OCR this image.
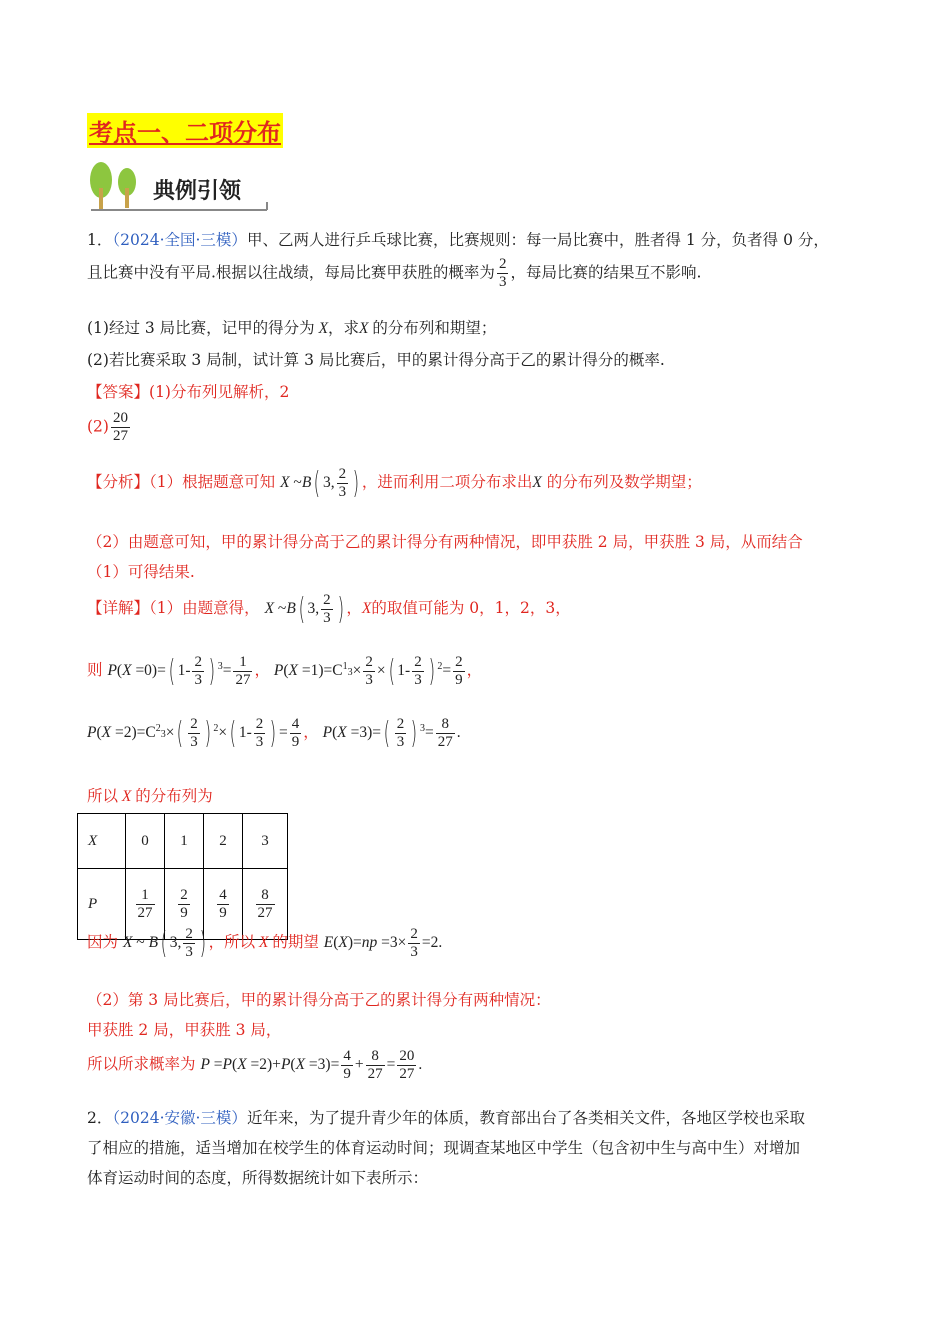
考点一、二项分布
典例引领
1．（2024·全国·三模）甲、乙两人进行乒乓球比赛，比赛规则：每一局比赛中，胜者得 1 分，负者得 0 分，
且比赛中没有平局.根据以往战绩，每局比赛甲获胜的概率为 $\frac{2}{3}$ ，每局比赛的结果互不影响.
(1)经过 3 局比赛，记甲的得分为 X，求X 的分布列和期望；
(2)若比赛采取 3 局制，试计算 3 局比赛后，甲的累计得分高于乙的累计得分的概率.
【答案】(1)分布列见解析，2
$(2) \frac{20}{27}$
【分析】（1）根据题意可知 X ~B( 3, $\frac{2}{3}$ ) ，进而利用二项分布求出X 的分布列及数学期望；
（2）由题意可知，甲的累计得分高于乙的累计得分有两种情况，即甲获胜 2 局，甲获胜 3 局，从而结合
（1）可得结果.
【详解】（1）由题意得， X ~B( 3, $\frac{2}{3}$ ) ，X的取值可能为 0，1，2，3，
则 P(X =0)=( $1- \frac{2}{3}$ ) $^3= \frac{1}{27}$ ， $P(X =1)=C^13\times \frac{2}{3}$ ×( $1- \frac{2}{3}$ ) $^2= \frac{2}{9}$ ，
$P(X =2)=C^23\times( \frac{2}{3}$ ) $^2$×( $1- \frac{2}{3}$ ) = $\frac{4}{9}$ ， $P(X =3)=( \frac{2}{3}$ ) $^3= \frac{8}{27}$ .
所以 X 的分布列为
X	0	1	2	3
P	$\frac{1}{27}$	$\frac{2}{9}$	$\frac{4}{9}$	$\frac{8}{27}$
因为 X ~ B( 3, $\frac{2}{3}$ ) ，所以 X 的期望 $E(X)=np =3\times \frac{2}{3} =2$.
（2）第 3 局比赛后，甲的累计得分高于乙的累计得分有两种情况：
甲获胜 2 局，甲获胜 3 局，
所以所求概率为 $P =P(X =2)+P(X =3)= \frac{4}{9} + \frac{8}{27} = \frac{20}{27}$ .
2．（2024·安徽·三模）近年来，为了提升青少年的体质，教育部出台了各类相关文件，各地区学校也采取
了相应的措施，适当增加在校学生的体育运动时间；现调查某地区中学生（包含初中生与高中生）对增加
体育运动时间的态度，所得数据统计如下表所示：
